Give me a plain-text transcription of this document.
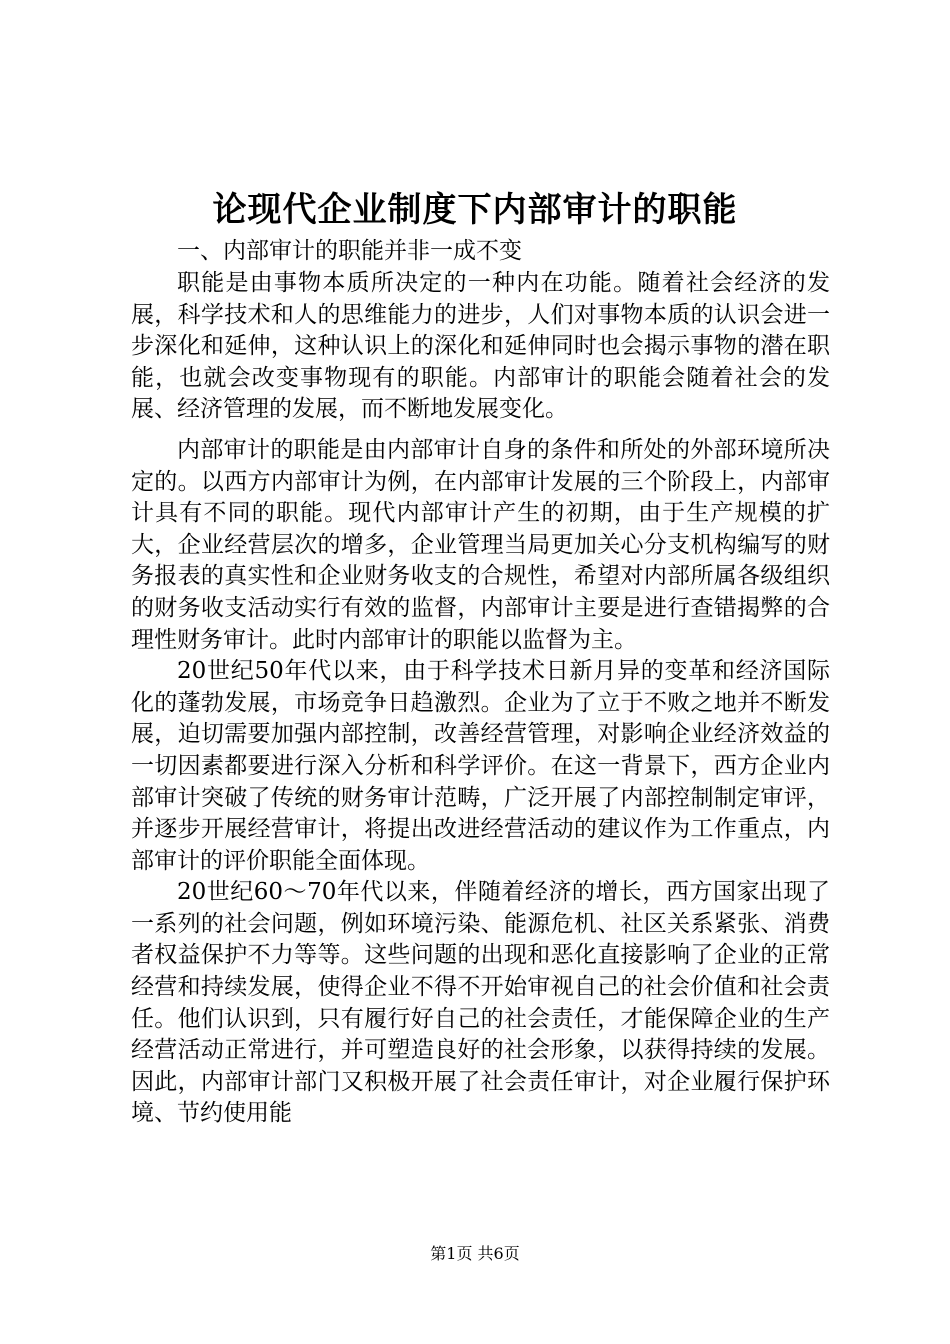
论现代企业制度下内部审计的职能

一、内部审计的职能并非一成不变

职能是由事物本质所决定的一种内在功能。随着社会经济的发展，科学技术和人的思维能力的进步，人们对事物本质的认识会进一步深化和延伸，这种认识上的深化和延伸同时也会揭示事物的潜在职能，也就会改变事物现有的职能。内部审计的职能会随着社会的发展、经济管理的发展，而不断地发展变化。

内部审计的职能是由内部审计自身的条件和所处的外部环境所决定的。以西方内部审计为例，在内部审计发展的三个阶段上，内部审计具有不同的职能。现代内部审计产生的初期，由于生产规模的扩大，企业经营层次的增多，企业管理当局更加关心分支机构编写的财务报表的真实性和企业财务收支的合规性，希望对内部所属各级组织的财务收支活动实行有效的监督，内部审计主要是进行查错揭弊的合理性财务审计。此时内部审计的职能以监督为主。

20世纪50年代以来，由于科学技术日新月异的变革和经济国际化的蓬勃发展，市场竞争日趋激烈。企业为了立于不败之地并不断发展，迫切需要加强内部控制，改善经营管理，对影响企业经济效益的一切因素都要进行深入分析和科学评价。在这一背景下，西方企业内部审计突破了传统的财务审计范畴，广泛开展了内部控制制定审评，并逐步开展经营审计，将提出改进经营活动的建议作为工作重点，内部审计的评价职能全面体现。

20世纪60～70年代以来，伴随着经济的增长，西方国家出现了一系列的社会问题，例如环境污染、能源危机、社区关系紧张、消费者权益保护不力等等。这些问题的出现和恶化直接影响了企业的正常经营和持续发展，使得企业不得不开始审视自己的社会价值和社会责任。他们认识到，只有履行好自己的社会责任，才能保障企业的生产经营活动正常进行，并可塑造良好的社会形象，以获得持续的发展。因此，内部审计部门又积极开展了社会责任审计，对企业履行保护环境、节约使用能

第1页 共6页
